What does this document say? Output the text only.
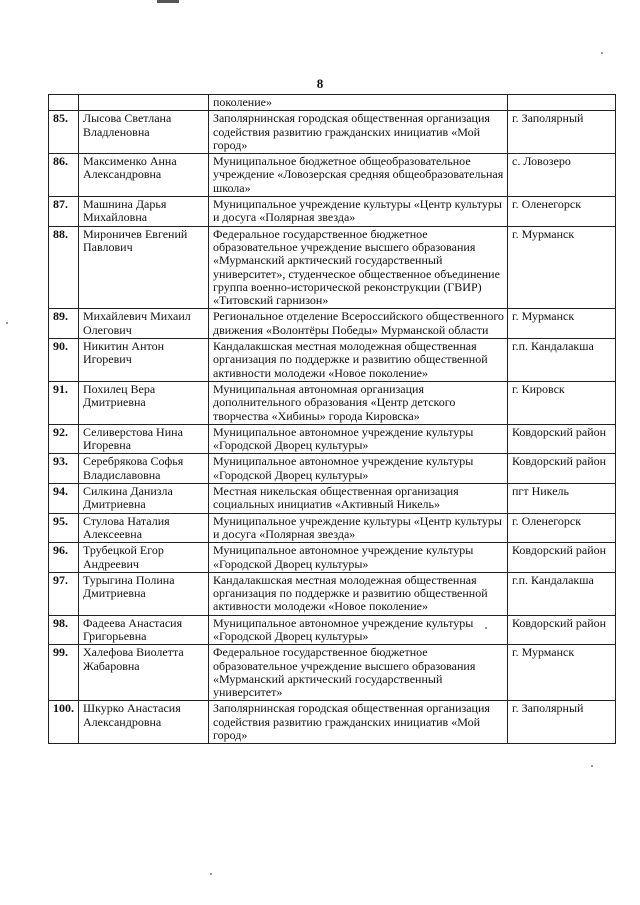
8
		поколение»	
85.	Лысова Светлана Владленовна	Заполярнинская городская общественная организация содействия развитию гражданских инициатив «Мой город»	г. Заполярный
86.	Максименко Анна Александровна	Муниципальное бюджетное общеобразовательное учреждение «Ловозерская средняя общеобразовательная школа»	с. Ловозеро
87.	Машнина Дарья Михайловна	Муниципальное учреждение культуры «Центр культуры и досуга «Полярная звезда»	г. Оленегорск
88.	Мироничев Евгений Павлович	Федеральное государственное бюджетное образовательное учреждение высшего образования «Мурманский арктический государственный университет», студенческое общественное объединение группа военно-исторической реконструкции (ГВИР) «Титовский гарнизон»	г. Мурманск
89.	Михайлевич Михаил Олегович	Региональное отделение Всероссийского общественного движения «Волонтёры Победы» Мурманской области	г. Мурманск
90.	Никитин Антон Игоревич	Кандалакшская местная молодежная общественная организация по поддержке и развитию общественной активности молодежи «Новое поколение»	г.п. Кандалакша
91.	Похилец Вера Дмитриевна	Муниципальная автономная организация дополнительного образования «Центр детского творчества «Хибины» города Кировска»	г. Кировск
92.	Селиверстова Нина Игоревна	Муниципальное автономное учреждение культуры «Городской Дворец культуры»	Ковдорский район
93.	Серебрякова Софья Владиславовна	Муниципальное автономное учреждение культуры «Городской Дворец культуры»	Ковдорский район
94.	Силкина Данизла Дмитриевна	Местная никельская общественная организация социальных инициатив «Активный Никель»	пгт Никель
95.	Стулова Наталия Алексеевна	Муниципальное учреждение культуры «Центр культуры и досуга «Полярная звезда»	г. Оленегорск
96.	Трубецкой Егор Андреевич	Муниципальное автономное учреждение культуры «Городской Дворец культуры»	Ковдорский район
97.	Турыгина Полина Дмитриевна	Кандалакшская местная молодежная общественная организация по поддержке и развитию общественной активности молодежи «Новое поколение»	г.п. Кандалакша
98.	Фадеева Анастасия Григорьевна	Муниципальное автономное учреждение культуры «Городской Дворец культуры»	Ковдорский район
99.	Халефова Виолетта Жабаровна	Федеральное государственное бюджетное образовательное учреждение высшего образования «Мурманский арктический государственный университет»	г. Мурманск
100.	Шкурко Анастасия Александровна	Заполярнинская городская общественная организация содействия развитию гражданских инициатив «Мой город»	г. Заполярный
